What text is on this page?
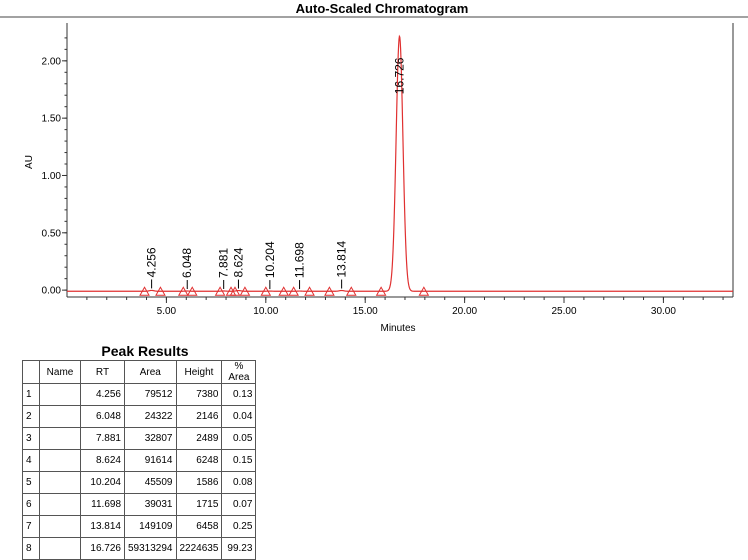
Auto-Scaled Chromatogram
0.00
0.50
1.00
1.50
2.00
5.00	10.00	15.00	20.00	25.00	30.00
AU
Minutes
4.256 6.048 7.881 8.624 10.204 11.698 13.814
16.726
Peak Results
	Name	RT	Area	Height	% Area
1		4.256	79512	7380	0.13
2		6.048	24322	2146	0.04
3		7.881	32807	2489	0.05
4		8.624	91614	6248	0.15
5		10.204	45509	1586	0.08
6		11.698	39031	1715	0.07
7		13.814	149109	6458	0.25
8		16.726	59313294	2224635	99.23
